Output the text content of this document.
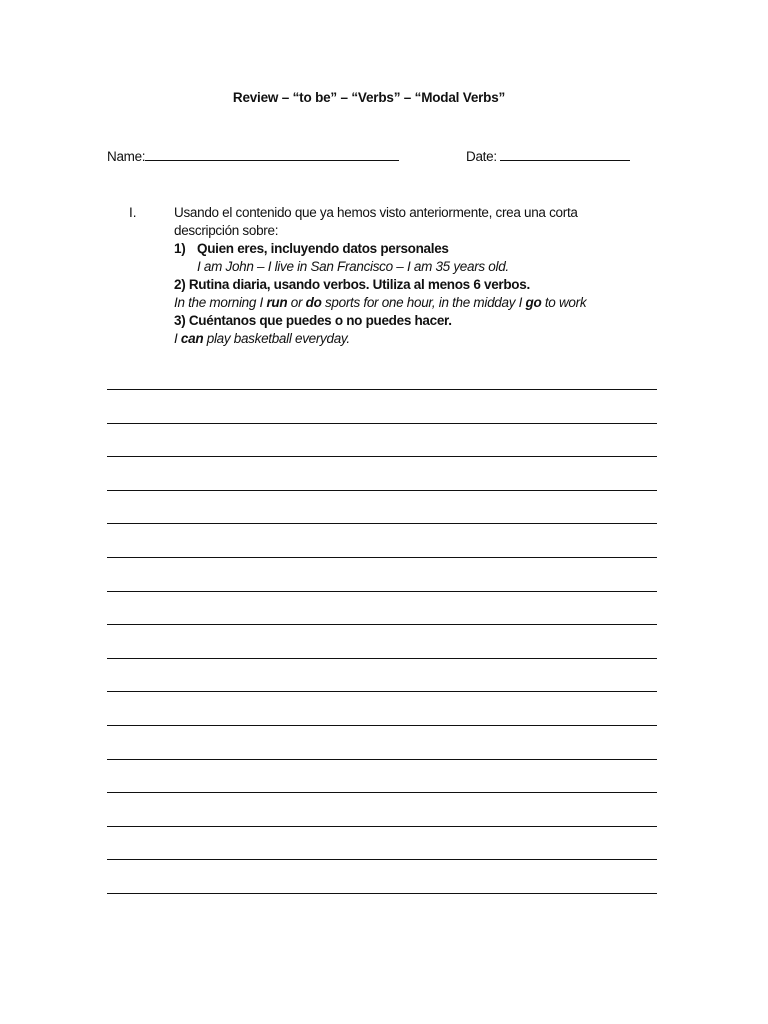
Review – “to be” – “Verbs” – “Modal Verbs”
Name:	Date:
I.	Usando el contenido que ya hemos visto anteriormente, crea una corta descripción sobre:

1) Quien eres, incluyendo datos personales

I am John – I live in San Francisco – I am 35 years old.

2) Rutina diaria, usando verbos. Utiliza al menos 6 verbos.

In the morning I run or do sports for one hour, in the midday I go to work

3) Cuéntanos que puedes o no puedes hacer.

I can play basketball everyday.
